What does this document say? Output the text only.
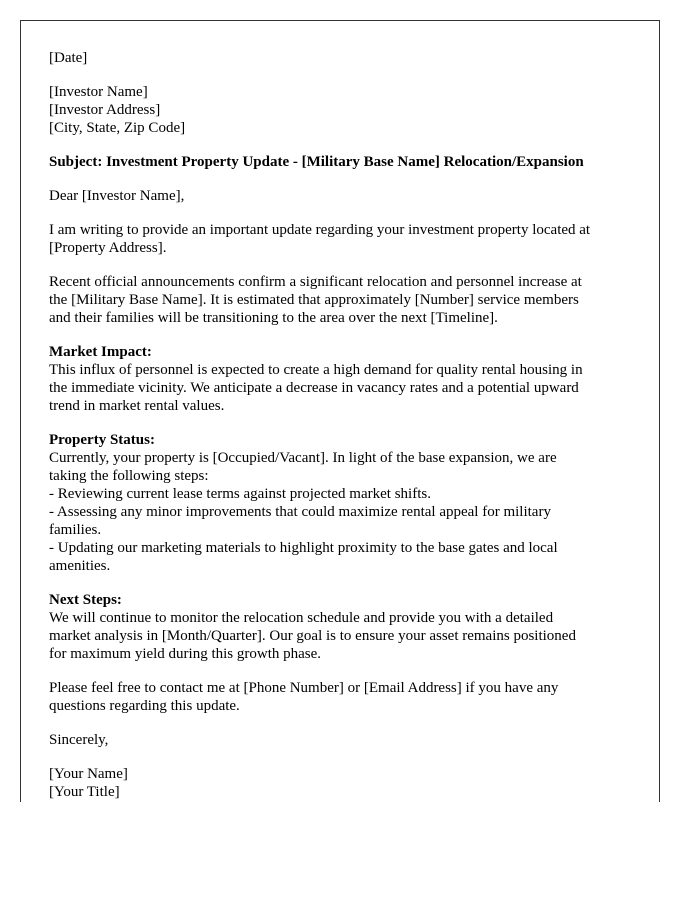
[Date]
[Investor Name]
[Investor Address]
[City, State, Zip Code]
Subject: Investment Property Update - [Military Base Name] Relocation/Expansion
Dear [Investor Name],
I am writing to provide an important update regarding your investment property located at
[Property Address].
Recent official announcements confirm a significant relocation and personnel increase at
the [Military Base Name]. It is estimated that approximately [Number] service members
and their families will be transitioning to the area over the next [Timeline].
Market Impact:
This influx of personnel is expected to create a high demand for quality rental housing in
the immediate vicinity. We anticipate a decrease in vacancy rates and a potential upward
trend in market rental values.
Property Status:
Currently, your property is [Occupied/Vacant]. In light of the base expansion, we are
taking the following steps:
- Reviewing current lease terms against projected market shifts.
- Assessing any minor improvements that could maximize rental appeal for military
families.
- Updating our marketing materials to highlight proximity to the base gates and local
amenities.
Next Steps:
We will continue to monitor the relocation schedule and provide you with a detailed
market analysis in [Month/Quarter]. Our goal is to ensure your asset remains positioned
for maximum yield during this growth phase.
Please feel free to contact me at [Phone Number] or [Email Address] if you have any
questions regarding this update.
Sincerely,
[Your Name]
[Your Title]
